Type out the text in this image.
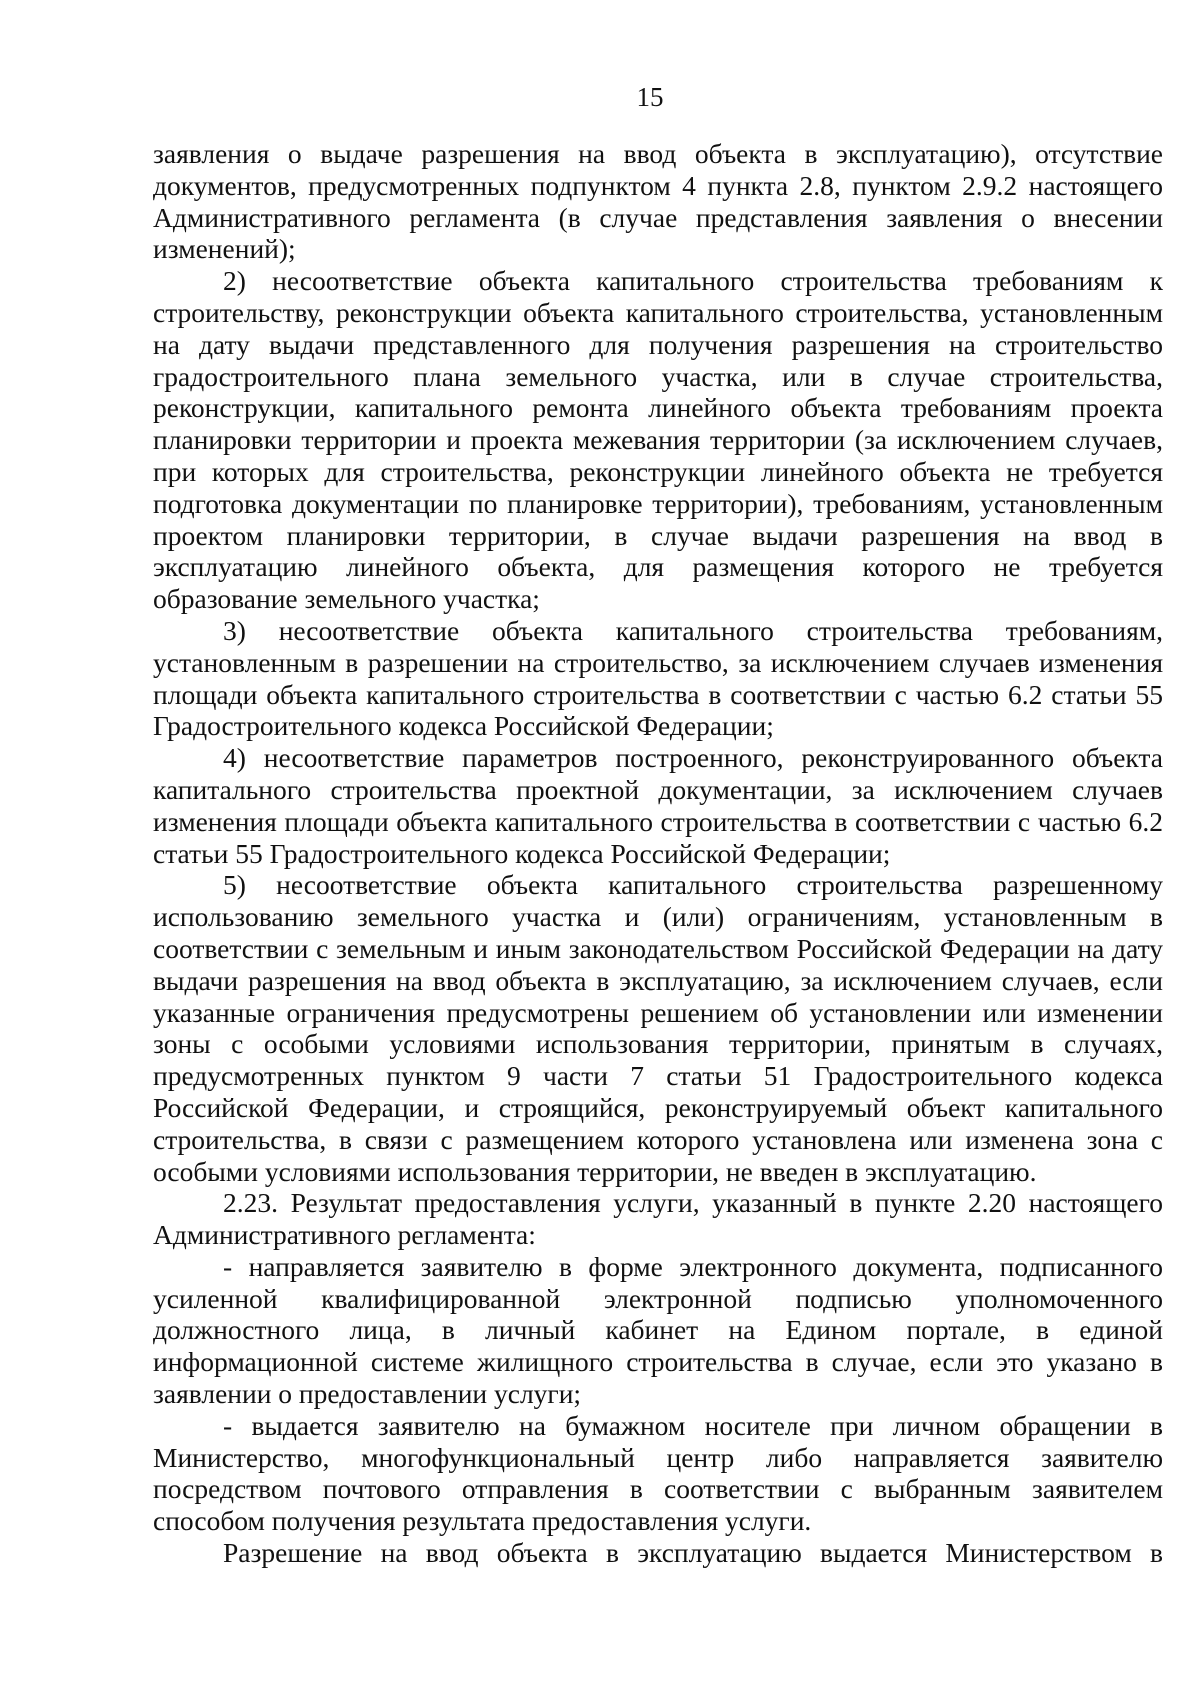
15

заявления о выдаче разрешения на ввод объекта в эксплуатацию), отсутствие документов, предусмотренных подпунктом 4 пункта 2.8, пунктом 2.9.2 настоящего Административного регламента (в случае представления заявления о внесении изменений);

2) несоответствие объекта капитального строительства требованиям к строительству, реконструкции объекта капитального строительства, установленным на дату выдачи представленного для получения разрешения на строительство градостроительного плана земельного участка, или в случае строительства, реконструкции, капитального ремонта линейного объекта требованиям проекта планировки территории и проекта межевания территории (за исключением случаев, при которых для строительства, реконструкции линейного объекта не требуется подготовка документации по планировке территории), требованиям, установленным проектом планировки территории, в случае выдачи разрешения на ввод в эксплуатацию линейного объекта, для размещения которого не требуется образование земельного участка;

3) несоответствие объекта капитального строительства требованиям, установленным в разрешении на строительство, за исключением случаев изменения площади объекта капитального строительства в соответствии с частью 6.2 статьи 55 Градостроительного кодекса Российской Федерации;

4) несоответствие параметров построенного, реконструированного объекта капитального строительства проектной документации, за исключением случаев изменения площади объекта капитального строительства в соответствии с частью 6.2 статьи 55 Градостроительного кодекса Российской Федерации;

5) несоответствие объекта капитального строительства разрешенному использованию земельного участка и (или) ограничениям, установленным в соответствии с земельным и иным законодательством Российской Федерации на дату выдачи разрешения на ввод объекта в эксплуатацию, за исключением случаев, если указанные ограничения предусмотрены решением об установлении или изменении зоны с особыми условиями использования территории, принятым в случаях, предусмотренных пунктом 9 части 7 статьи 51 Градостроительного кодекса Российской Федерации, и строящийся, реконструируемый объект капитального строительства, в связи с размещением которого установлена или изменена зона с особыми условиями использования территории, не введен в эксплуатацию.

2.23. Результат предоставления услуги, указанный в пункте 2.20 настоящего Административного регламента:

- направляется заявителю в форме электронного документа, подписанного усиленной квалифицированной электронной подписью уполномоченного должностного лица, в личный кабинет на Едином портале, в единой информационной системе жилищного строительства в случае, если это указано в заявлении о предоставлении услуги;

- выдается заявителю на бумажном носителе при личном обращении в Министерство, многофункциональный центр либо направляется заявителю посредством почтового отправления в соответствии с выбранным заявителем способом получения результата предоставления услуги.

Разрешение на ввод объекта в эксплуатацию выдается Министерством в
